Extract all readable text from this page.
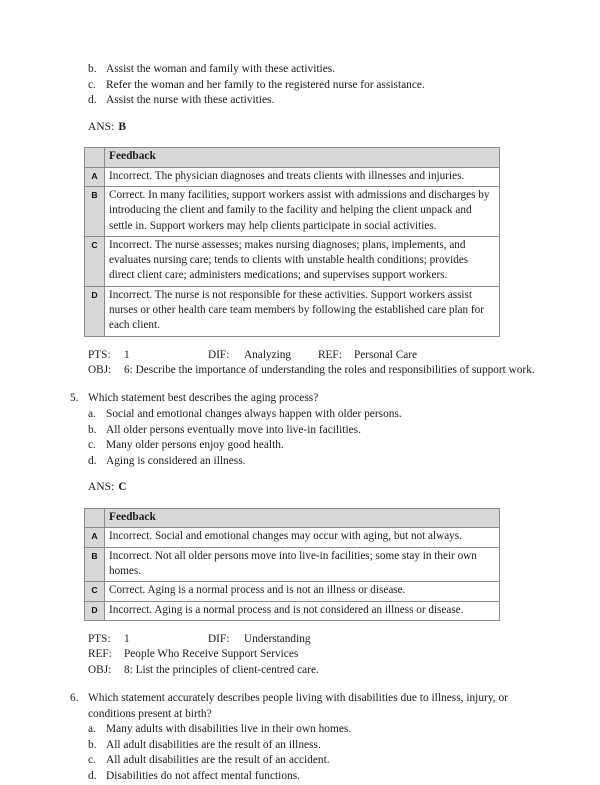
b. Assist the woman and family with these activities.
c. Refer the woman and her family to the registered nurse for assistance.
d. Assist the nurse with these activities.
ANS: B
	Feedback
A	Incorrect. The physician diagnoses and treats clients with illnesses and injuries.
B	Correct. In many facilities, support workers assist with admissions and discharges by introducing the client and family to the facility and helping the client unpack and settle in. Support workers may help clients participate in social activities.
C	Incorrect. The nurse assesses; makes nursing diagnoses; plans, implements, and evaluates nursing care; tends to clients with unstable health conditions; provides direct client care; administers medications; and supervises support workers.
D	Incorrect. The nurse is not responsible for these activities. Support workers assist nurses or other health care team members by following the established care plan for each client.
PTS: 1	DIF: Analyzing REF: Personal Care
OBJ: 6: Describe the importance of understanding the roles and responsibilities of support work.
5. Which statement best describes the aging process?
a. Social and emotional changes always happen with older persons.
b. All older persons eventually move into live-in facilities.
c. Many older persons enjoy good health.
d. Aging is considered an illness.
ANS: C
	Feedback
A	Incorrect. Social and emotional changes may occur with aging, but not always.
B	Incorrect. Not all older persons move into live-in facilities; some stay in their own homes.
C	Correct. Aging is a normal process and is not an illness or disease.
D	Incorrect. Aging is a normal process and is not considered an illness or disease.
PTS: 1	DIF: Understanding
REF: People Who Receive Support Services
OBJ: 8: List the principles of client-centred care.
6. Which statement accurately describes people living with disabilities due to illness, injury, or conditions present at birth?
a. Many adults with disabilities live in their own homes.
b. All adult disabilities are the result of an illness.
c. All adult disabilities are the result of an accident.
d. Disabilities do not affect mental functions.
